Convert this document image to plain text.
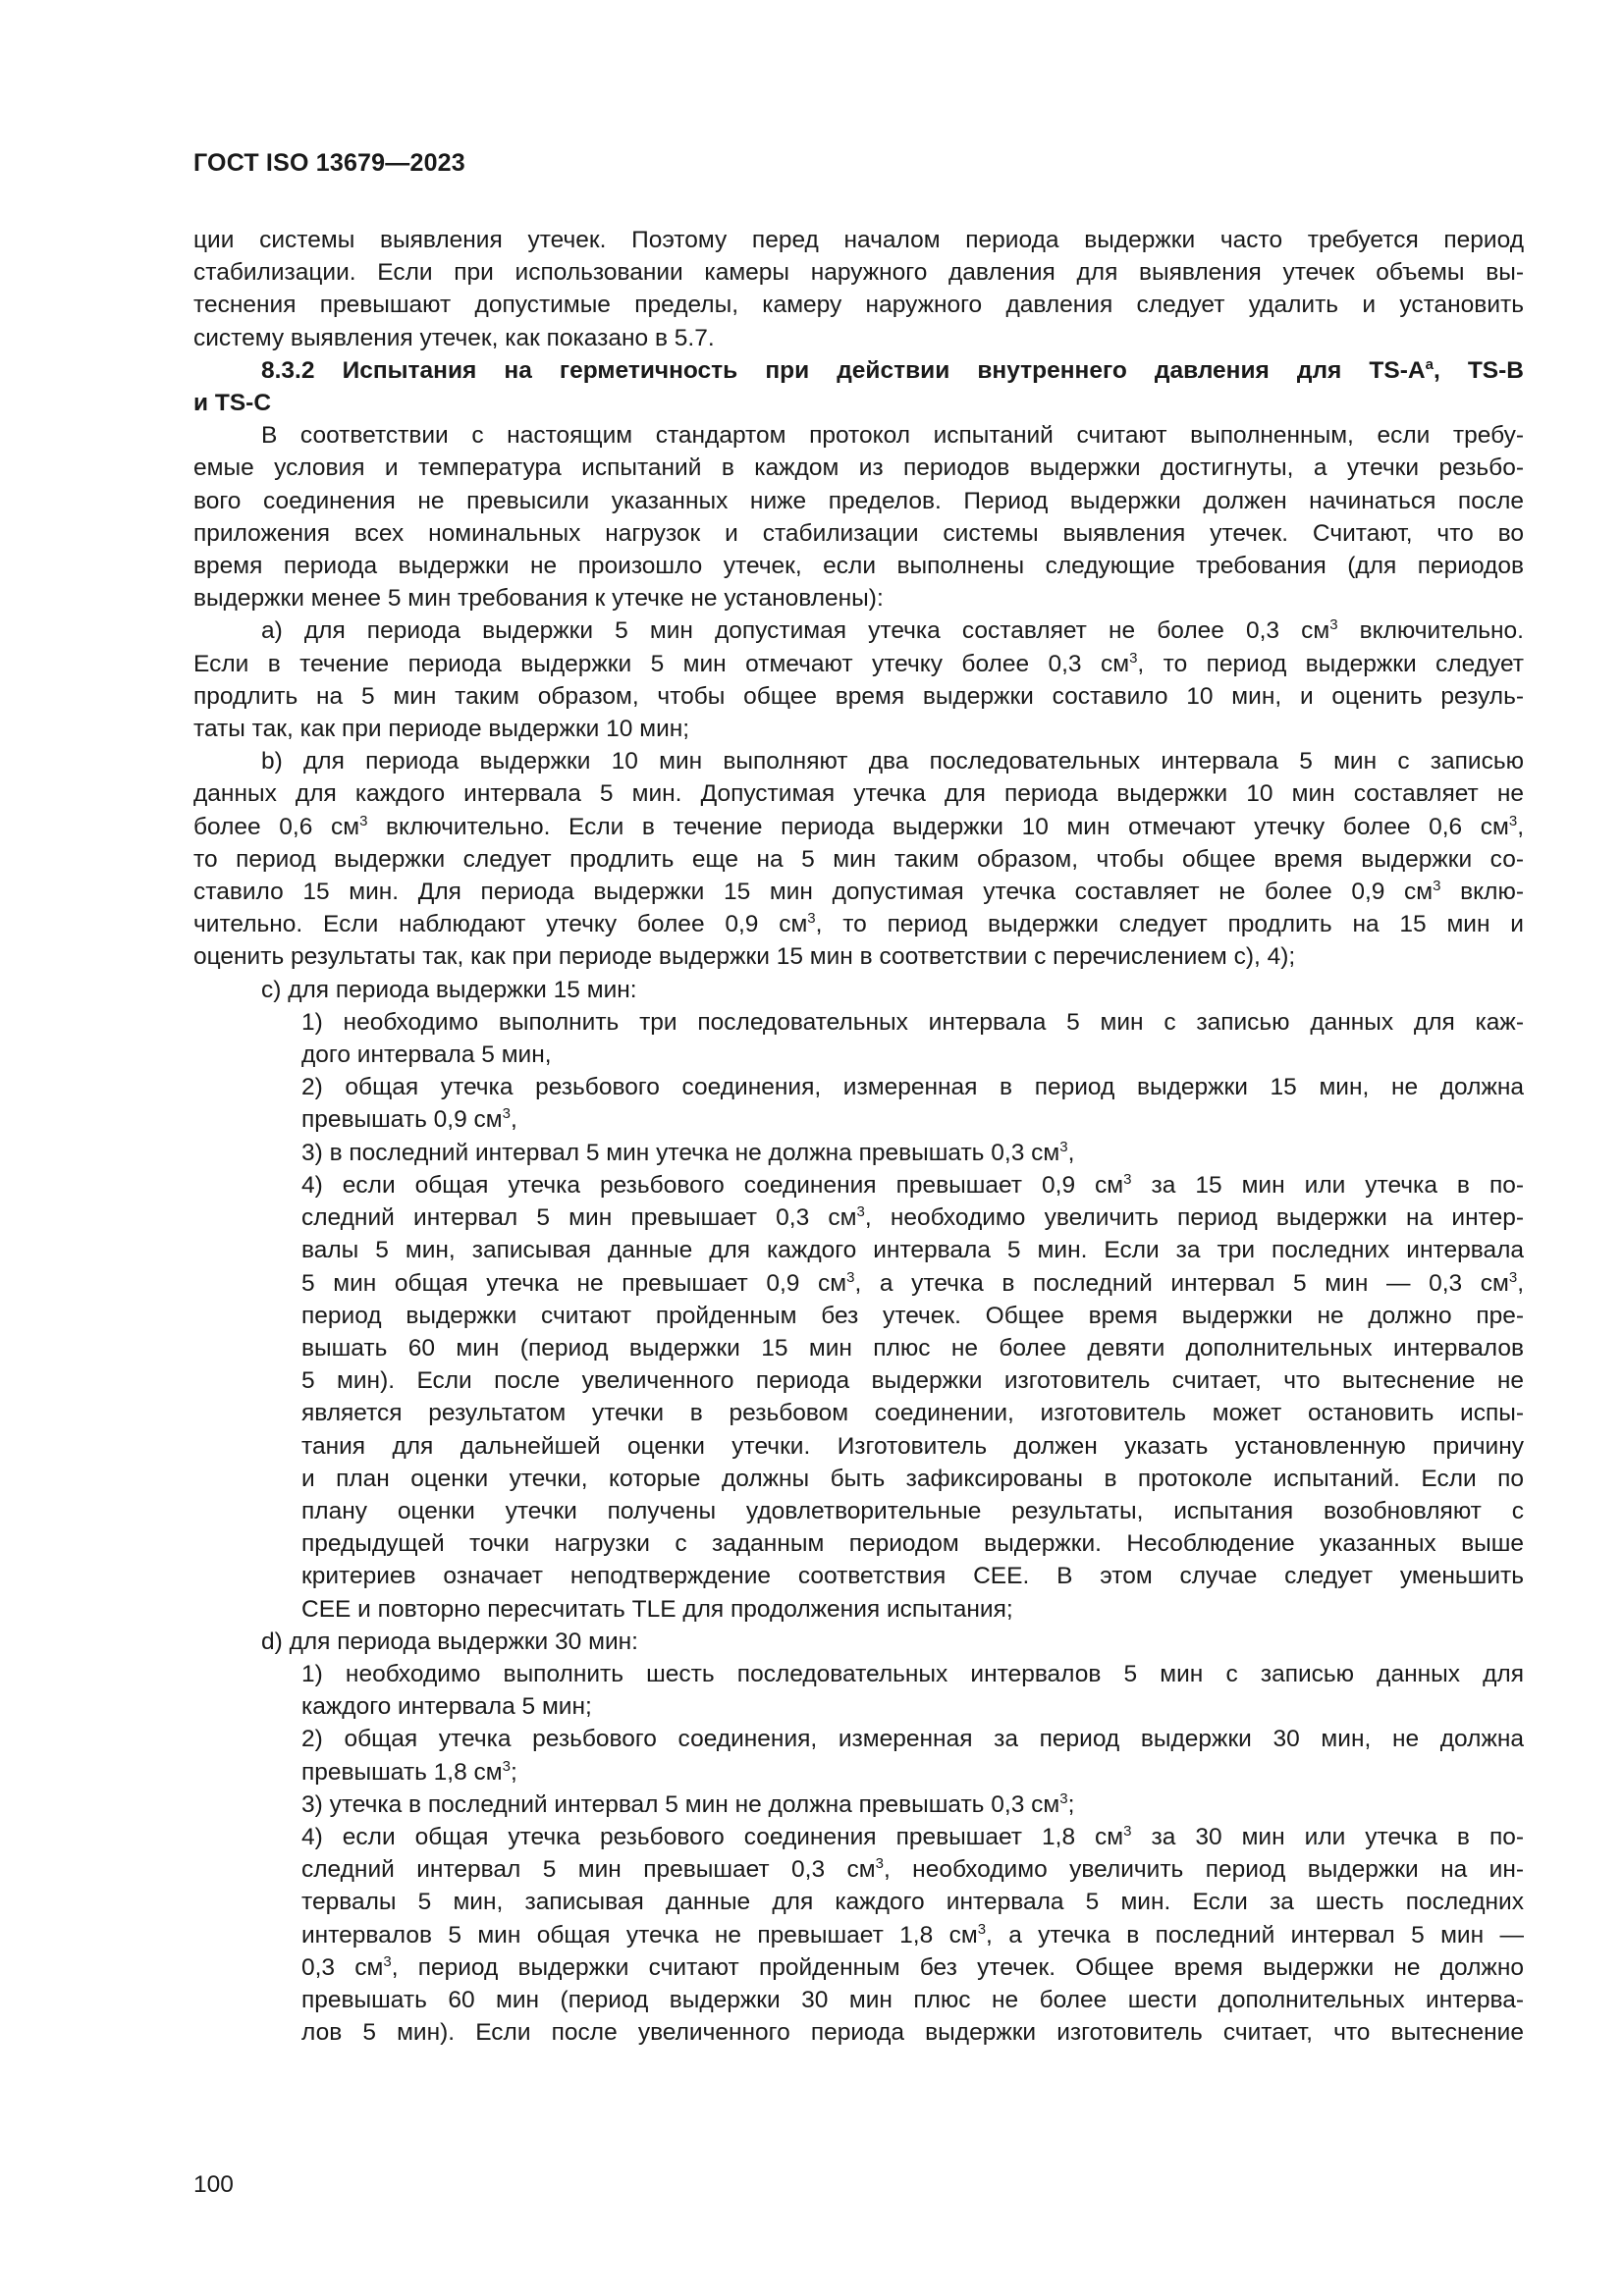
ГОСТ ISO 13679—2023
ции системы выявления утечек. Поэтому перед началом периода выдержки часто требуется период
стабилизации. Если при использовании камеры наружного давления для выявления утечек объемы вы-
теснения превышают допустимые пределы, камеру наружного давления следует удалить и установить
систему выявления утечек, как показано в 5.7.
8.3.2 Испытания на герметичность при действии внутреннего давления для $TS-A^a$, TS-B
и TS-C
В соответствии с настоящим стандартом протокол испытаний считают выполненным, если требу-
емые условия и температура испытаний в каждом из периодов выдержки достигнуты, а утечки резьбо-
вого соединения не превысили указанных ниже пределов. Период выдержки должен начинаться после
приложения всех номинальных нагрузок и стабилизации системы выявления утечек. Считают, что во
время периода выдержки не произошло утечек, если выполнены следующие требования (для периодов
выдержки менее 5 мин требования к утечке не установлены):
a) для периода выдержки 5 мин допустимая утечка составляет не более 0,3 $см^3$ включительно.
Если в течение периода выдержки 5 мин отмечают утечку более 0,3 $см^3$, то период выдержки следует
продлить на 5 мин таким образом, чтобы общее время выдержки составило 10 мин, и оценить резуль-
таты так, как при периоде выдержки 10 мин;
b) для периода выдержки 10 мин выполняют два последовательных интервала 5 мин с записью
данных для каждого интервала 5 мин. Допустимая утечка для периода выдержки 10 мин составляет не
более 0,6 $см^3$ включительно. Если в течение периода выдержки 10 мин отмечают утечку более 0,6 $см^3$,
то период выдержки следует продлить еще на 5 мин таким образом, чтобы общее время выдержки со-
ставило 15 мин. Для периода выдержки 15 мин допустимая утечка составляет не более 0,9 $см^3$ вклю-
чительно. Если наблюдают утечку более 0,9 $см^3$, то период выдержки следует продлить на 15 мин и
оценить результаты так, как при периоде выдержки 15 мин в соответствии с перечислением c), 4);
c) для периода выдержки 15 мин:
1) необходимо выполнить три последовательных интервала 5 мин с записью данных для каж-
дого интервала 5 мин,
2) общая утечка резьбового соединения, измеренная в период выдержки 15 мин, не должна
превышать 0,9 $см^3$,
3) в последний интервал 5 мин утечка не должна превышать 0,3 $см^3$,
4) если общая утечка резьбового соединения превышает 0,9 $см^3$ за 15 мин или утечка в по-
следний интервал 5 мин превышает 0,3 $см^3$, необходимо увеличить период выдержки на интер-
валы 5 мин, записывая данные для каждого интервала 5 мин. Если за три последних интервала
5 мин общая утечка не превышает 0,9 $см^3$, а утечка в последний интервал 5 мин — 0,3 $см^3$,
период выдержки считают пройденным без утечек. Общее время выдержки не должно пре-
вышать 60 мин (период выдержки 15 мин плюс не более девяти дополнительных интервалов
5 мин). Если после увеличенного периода выдержки изготовитель считает, что вытеснение не
является результатом утечки в резьбовом соединении, изготовитель может остановить испы-
тания для дальнейшей оценки утечки. Изготовитель должен указать установленную причину
и план оценки утечки, которые должны быть зафиксированы в протоколе испытаний. Если по
плану оценки утечки получены удовлетворительные результаты, испытания возобновляют с
предыдущей точки нагрузки с заданным периодом выдержки. Несоблюдение указанных выше
критериев означает неподтверждение соответствия CEE. В этом случае следует уменьшить
CEE и повторно пересчитать TLE для продолжения испытания;
d) для периода выдержки 30 мин:
1) необходимо выполнить шесть последовательных интервалов 5 мин с записью данных для
каждого интервала 5 мин;
2) общая утечка резьбового соединения, измеренная за период выдержки 30 мин, не должна
превышать 1,8 $см^3$;
3) утечка в последний интервал 5 мин не должна превышать 0,3 $см^3$;
4) если общая утечка резьбового соединения превышает 1,8 $см^3$ за 30 мин или утечка в по-
следний интервал 5 мин превышает 0,3 $см^3$, необходимо увеличить период выдержки на ин-
тервалы 5 мин, записывая данные для каждого интервала 5 мин. Если за шесть последних
интервалов 5 мин общая утечка не превышает 1,8 $см^3$, а утечка в последний интервал 5 мин —
0,3 $см^3$, период выдержки считают пройденным без утечек. Общее время выдержки не должно
превышать 60 мин (период выдержки 30 мин плюс не более шести дополнительных интерва-
лов 5 мин). Если после увеличенного периода выдержки изготовитель считает, что вытеснение
100
